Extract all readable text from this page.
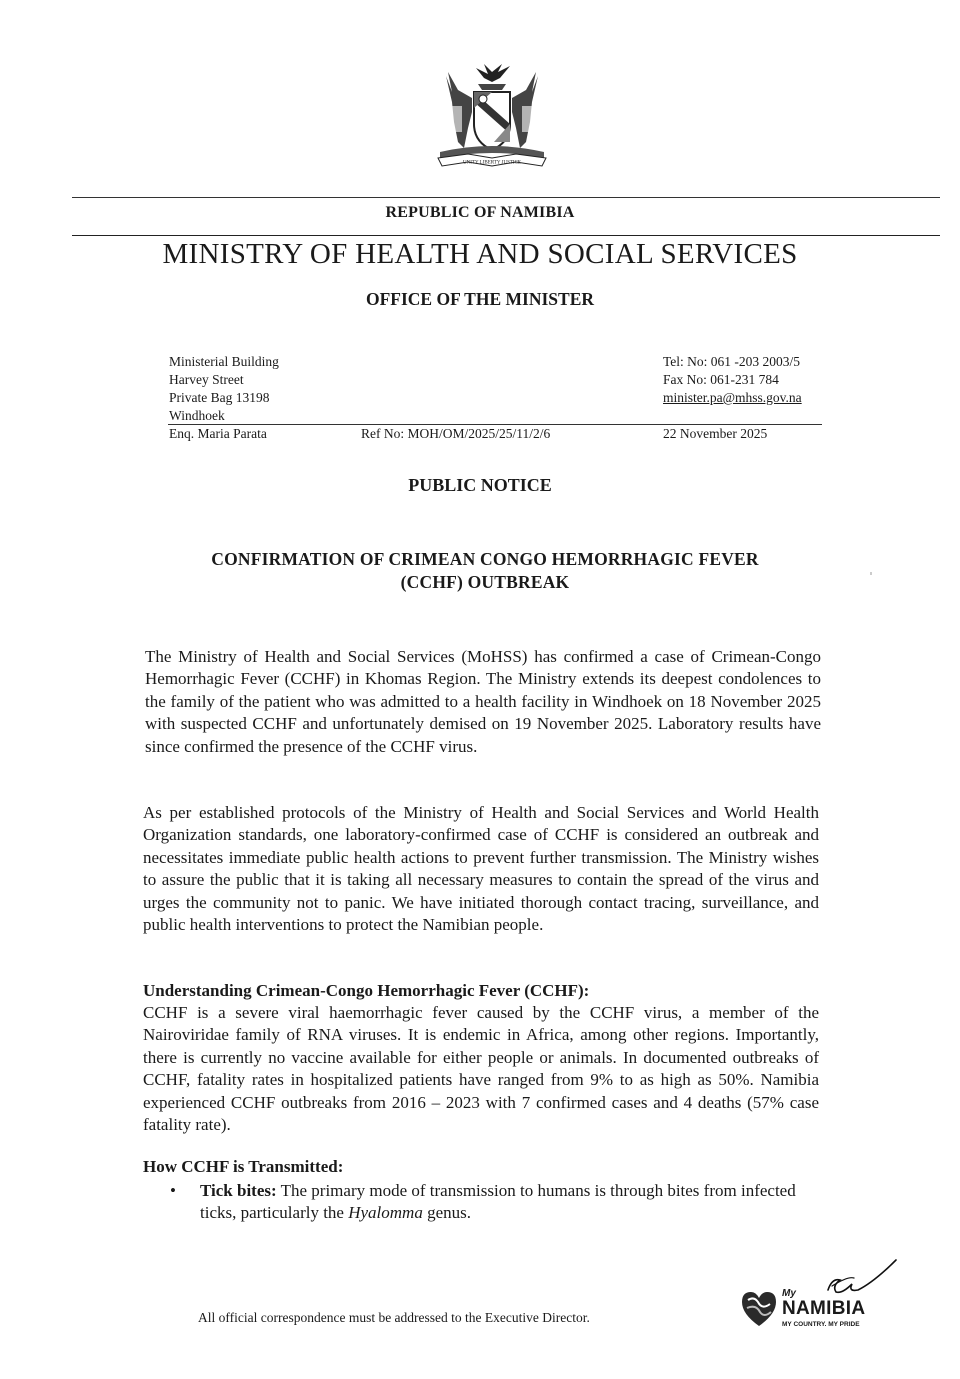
UNITY LIBERTY JUSTICE
REPUBLIC OF NAMIBIA
MINISTRY OF HEALTH AND SOCIAL SERVICES
OFFICE OF THE MINISTER
Ministerial Building
Harvey Street
Private Bag 13198
Windhoek
Tel: No: 061 -203 2003/5
Fax No: 061-231 784
minister.pa@mhss.gov.na
Enq. Maria Parata	Ref No: MOH/OM/2025/25/11/2/6	22 November 2025
PUBLIC NOTICE
CONFIRMATION OF CRIMEAN CONGO HEMORRHAGIC FEVER
(CCHF) OUTBREAK
The Ministry of Health and Social Services (MoHSS) has confirmed a case of Crimean-Congo Hemorrhagic Fever (CCHF) in Khomas Region. The Ministry extends its deepest condolences to the family of the patient who was admitted to a health facility in Windhoek on 18 November 2025 with suspected CCHF and unfortunately demised on 19 November 2025. Laboratory results have since confirmed the presence of the CCHF virus.
As per established protocols of the Ministry of Health and Social Services and World Health Organization standards, one laboratory-confirmed case of CCHF is considered an outbreak and necessitates immediate public health actions to prevent further transmission. The Ministry wishes to assure the public that it is taking all necessary measures to contain the spread of the virus and urges the community not to panic. We have initiated thorough contact tracing, surveillance, and public health interventions to protect the Namibian people.
Understanding Crimean-Congo Hemorrhagic Fever (CCHF):
CCHF is a severe viral haemorrhagic fever caused by the CCHF virus, a member of the Nairoviridae family of RNA viruses. It is endemic in Africa, among other regions. Importantly, there is currently no vaccine available for either people or animals. In documented outbreaks of CCHF, fatality rates in hospitalized patients have ranged from 9% to as high as 50%. Namibia experienced CCHF outbreaks from 2016 – 2023 with 7 confirmed cases and 4 deaths (57% case fatality rate).
How CCHF is Transmitted:
• Tick bites: The primary mode of transmission to humans is through bites from infected ticks, particularly the Hyalomma genus.
All official correspondence must be addressed to the Executive Director.
My
NAMIBIA
MY COUNTRY. MY PRIDE
